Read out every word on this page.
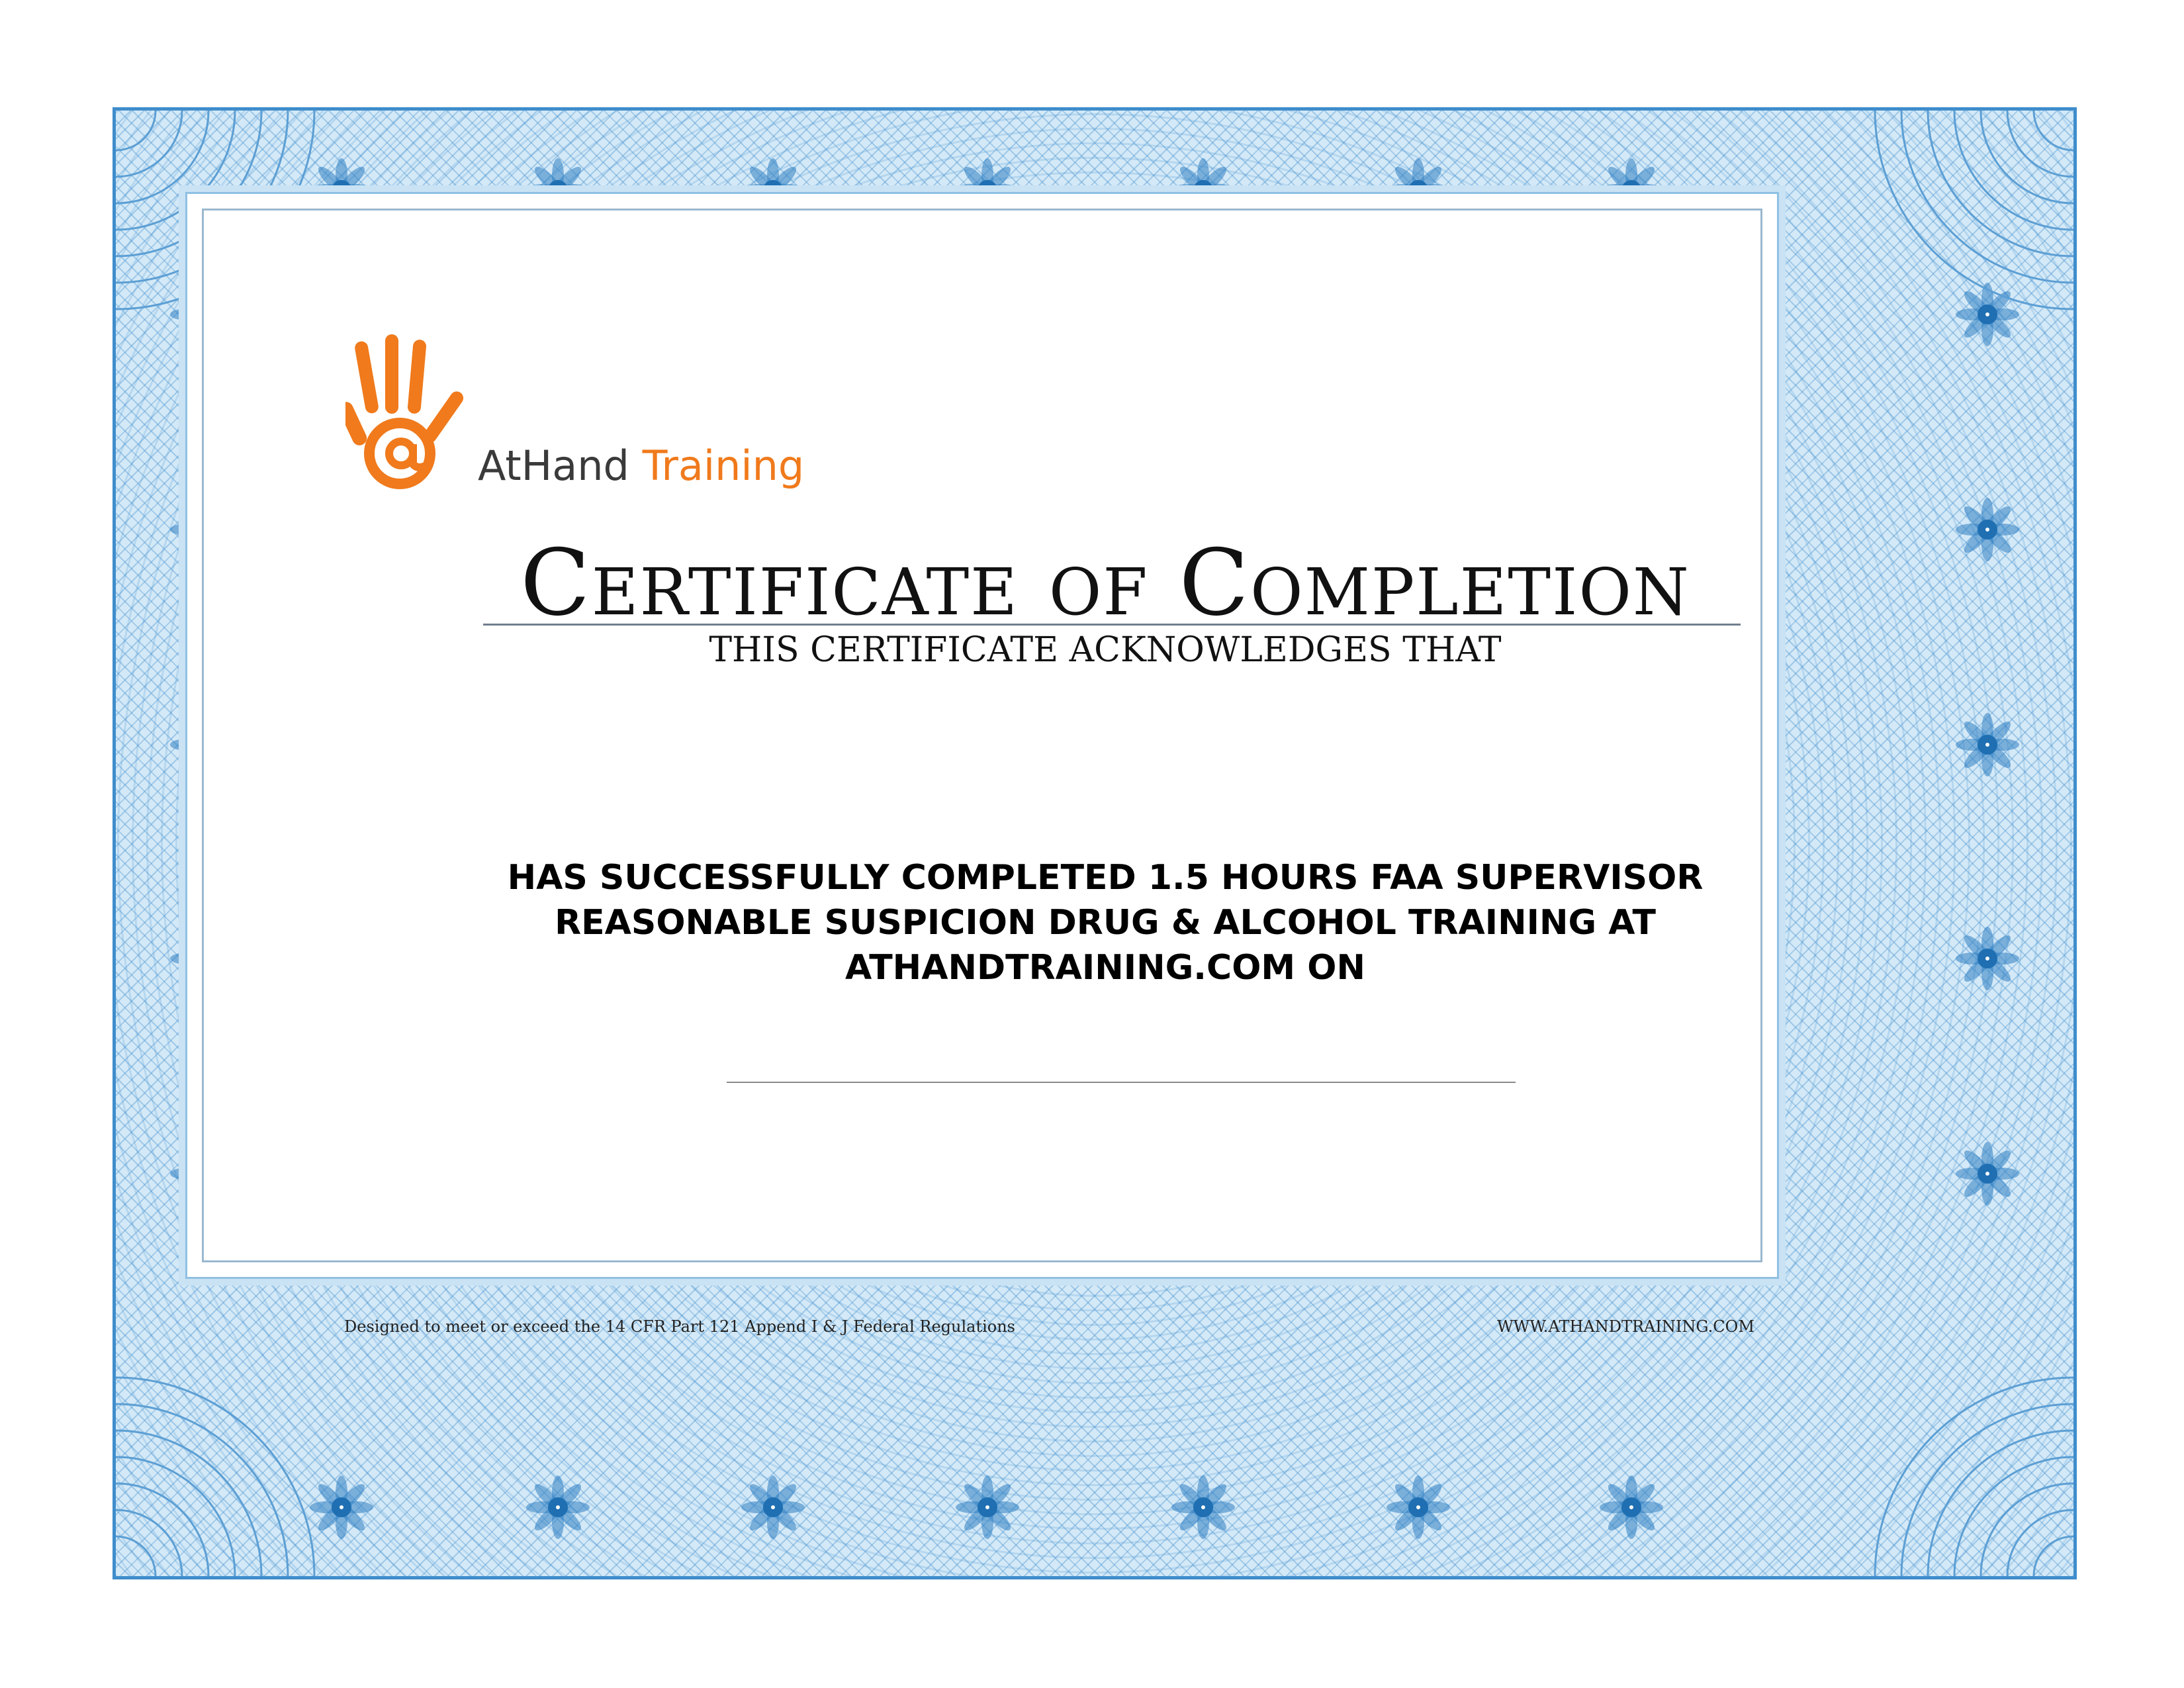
AtHand Training
Certificate of Completion
THIS CERTIFICATE ACKNOWLEDGES THAT
HAS SUCCESSFULLY COMPLETED 1.5 HOURS FAA SUPERVISOR
REASONABLE SUSPICION DRUG & ALCOHOL TRAINING AT
ATHANDTRAINING.COM ON
Designed to meet or exceed the 14 CFR Part 121 Append I & J Federal Regulations	WWW.ATHANDTRAINING.COM
